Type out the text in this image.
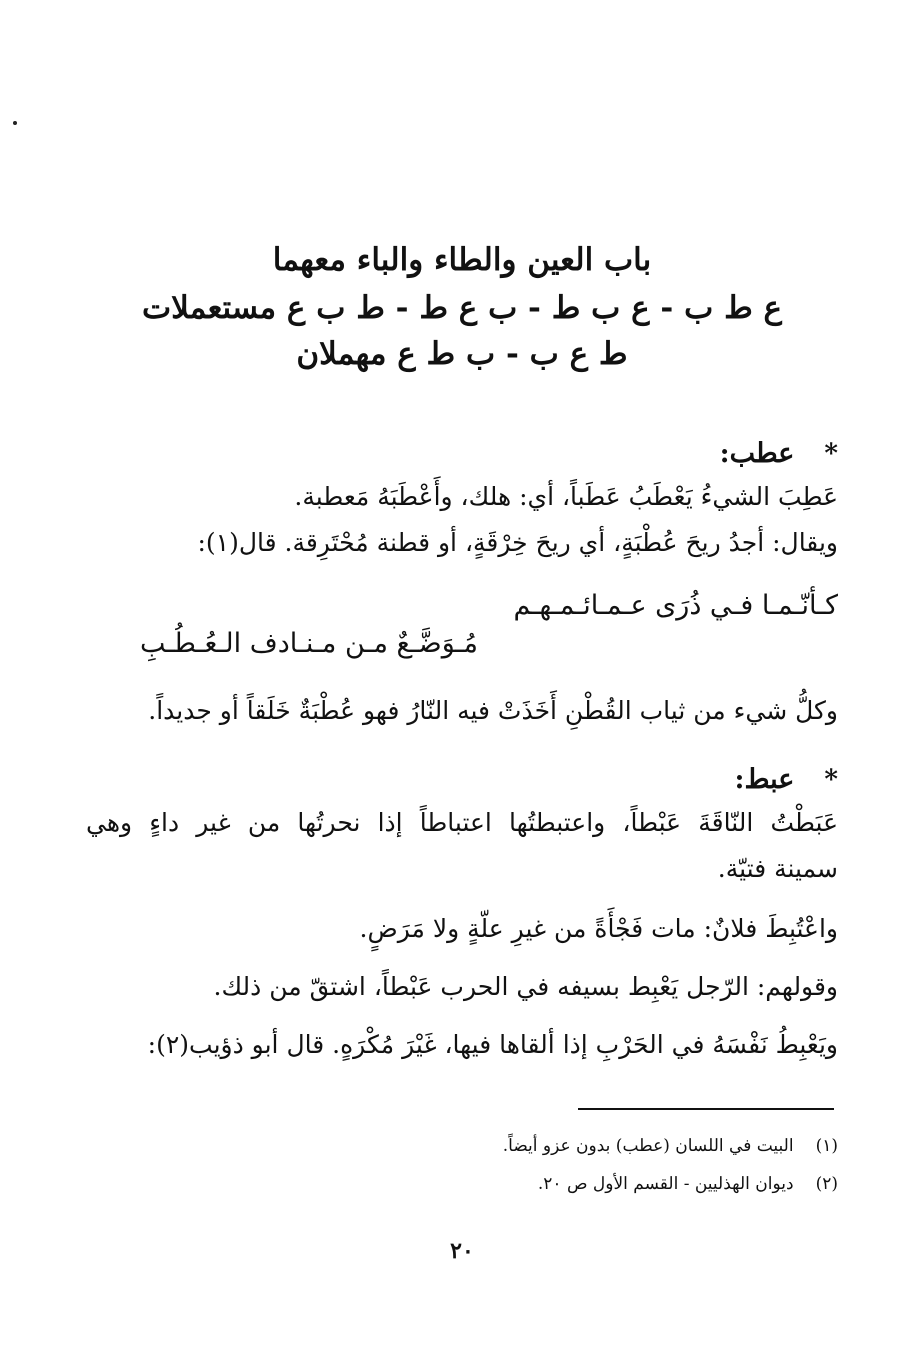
باب العين والطاء والباء معهما
ع ط ب - ع ب ط - ب ع ط - ط ب ع مستعملات
ط ع ب - ب ط ع مهملان
*
عطب:
عَطِبَ الشيءُ يَعْطَبُ عَطَباً، أي: هلك، وأَعْطَبَهُ مَعطبة.
ويقال: أجدُ ريحَ عُطْبَةٍ، أي ريحَ خِرْقَةٍ، أو قطنة مُحْتَرِقة. قال(١):
كـأنّـمـا فـي ذُرَى عـمـائـمـهـم
مُـوَضَّـعٌ مـن مـنـادف الـعُـطُـبِ
وكلُّ شيء من ثياب القُطْنِ أَخَذَتْ فيه النّارُ فهو عُطْبَةٌ خَلَقاً أو جديداً.
*
عبط:
عَبَطْتُ النّاقَةَ عَبْطاً، واعتبطتُها اعتباطاً إذا نحرتُها من غير داءٍ وهي
سمينة فتيّة.
واعْتُبِطَ فلانٌ: مات فَجْأَةً من غيرِ علّةٍ ولا مَرَضٍ.
وقولهم: الرّجل يَعْبِط بسيفه في الحرب عَبْطاً، اشتقّ من ذلك.
ويَعْبِطُ نَفْسَهُ في الحَرْبِ إذا ألقاها فيها، غَيْرَ مُكْرَهٍ. قال أبو ذؤيب(٢):
(١)
البيت في اللسان (عطب) بدون عزو أيضاً.
(٢)
ديوان الهذليين - القسم الأول ص ٢٠.
٢٠
